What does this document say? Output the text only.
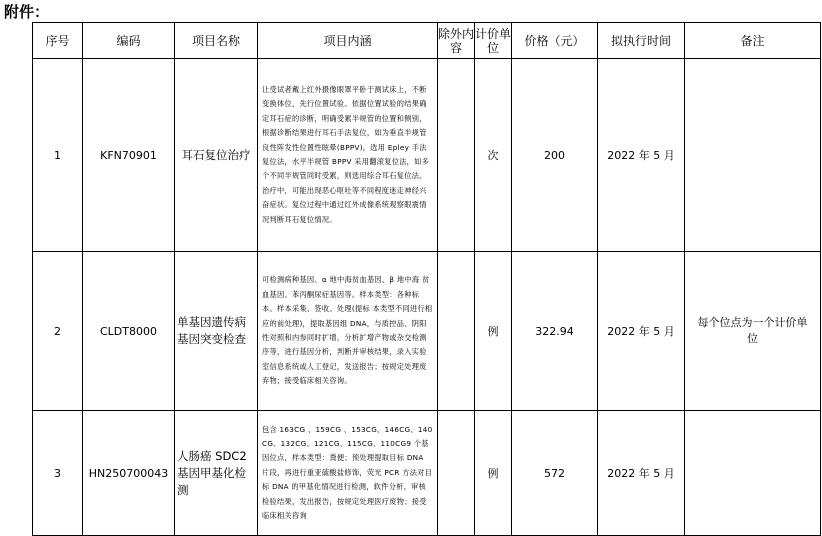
附件：
序号	编码	项目名称	项目内涵	除外内容	计价单位	价格（元）	拟执行时间	备注
1	KFN70901	耳石复位治疗	让受试者戴上红外摄像眼罩平卧于测试床上，不断变换体位，先行位置试验。依据位置试验的结果确定耳石症的诊断，明确受累半规管的位置和侧别，根据诊断结果进行耳石手法复位，如为垂直半规管良性阵发性位置性眩晕(BPPV)，选用 Epley 手法复位法，水平半规管 BPPV 采用翻滚复位法，如多个不同半规管同时受累，则选用综合耳石复位法。治疗中，可能出现恶心呕吐等不同程度迷走神经兴奋症状。复位过程中通过红外成像系统观察眼震情况判断耳石复位情况。		次	200	2022 年 5 月	
2	CLDT8000	单基因遗传病基因突变检查	可检测病种基因、α 地中海贫血基因、β 地中海 贫血基因、苯丙酮尿症基因等。样本类型：各种标 本。样本采集、签收、处理(提标 本类型不同进行相 应的前处理)，提取基因组 DNA，与质控品、阴阳 性对照和内参同时扩增，分析扩增产物或杂交检测 序等，进行基因分析，判断并审核结果，录入实验 室信息系统或人工登记，发送报告；按规定处理废 弃物；接受临床相关咨询。		例	322.94	2022 年 5 月	每个位点为一个计价单位
3	HN250700043	人肠癌 SDC2 基因甲基化检测	包含 163CG 、159CG 、153CG、146CG、140CG、132CG、121CG、115CG、110CG9 个基因位点，样本类型：粪便；预处理提取目标 DNA 片段，再进行重亚硫酸盐修饰，荧光 PCR 方法对目标 DNA 的甲基化情况进行检测，软件分析，审核检验结果，发出报告，按规定处理医疗废物；接受临床相关咨询		例	572	2022 年 5 月	
